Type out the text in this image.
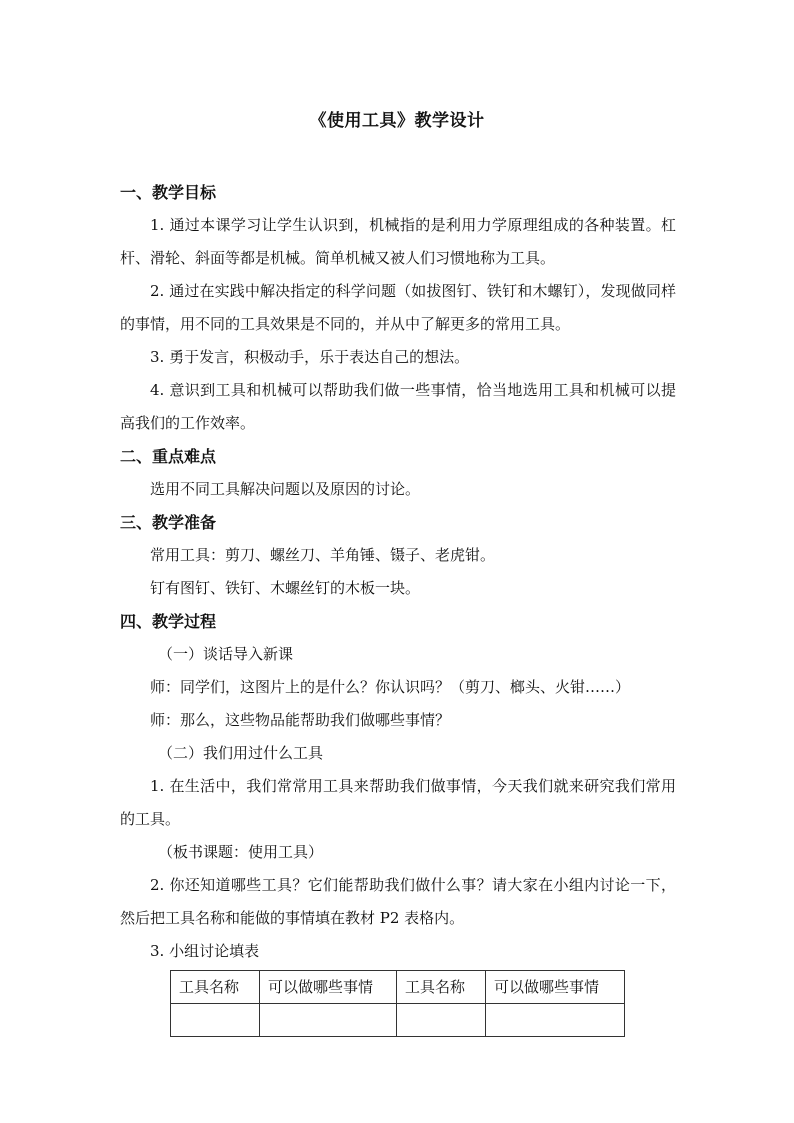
《使用工具》教学设计

一、教学目标

1. 通过本课学习让学生认识到，机械指的是利用力学原理组成的各种装置。杠杆、滑轮、斜面等都是机械。简单机械又被人们习惯地称为工具。

2. 通过在实践中解决指定的科学问题（如拔图钉、铁钉和木螺钉），发现做同样的事情，用不同的工具效果是不同的，并从中了解更多的常用工具。

3. 勇于发言，积极动手，乐于表达自己的想法。

4. 意识到工具和机械可以帮助我们做一些事情，恰当地选用工具和机械可以提高我们的工作效率。

二、重点难点

选用不同工具解决问题以及原因的讨论。

三、教学准备

常用工具：剪刀、螺丝刀、羊角锤、镊子、老虎钳。

钉有图钉、铁钉、木螺丝钉的木板一块。

四、教学过程

（一）谈话导入新课

师：同学们，这图片上的是什么？你认识吗？（剪刀、榔头、火钳……）

师：那么，这些物品能帮助我们做哪些事情？

（二）我们用过什么工具

1. 在生活中，我们常常用工具来帮助我们做事情，今天我们就来研究我们常用的工具。

（板书课题：使用工具）

2. 你还知道哪些工具？它们能帮助我们做什么事？请大家在小组内讨论一下，然后把工具名称和能做的事情填在教材 P2 表格内。

3. 小组讨论填表

工具名称	可以做哪些事情	工具名称	可以做哪些事情
